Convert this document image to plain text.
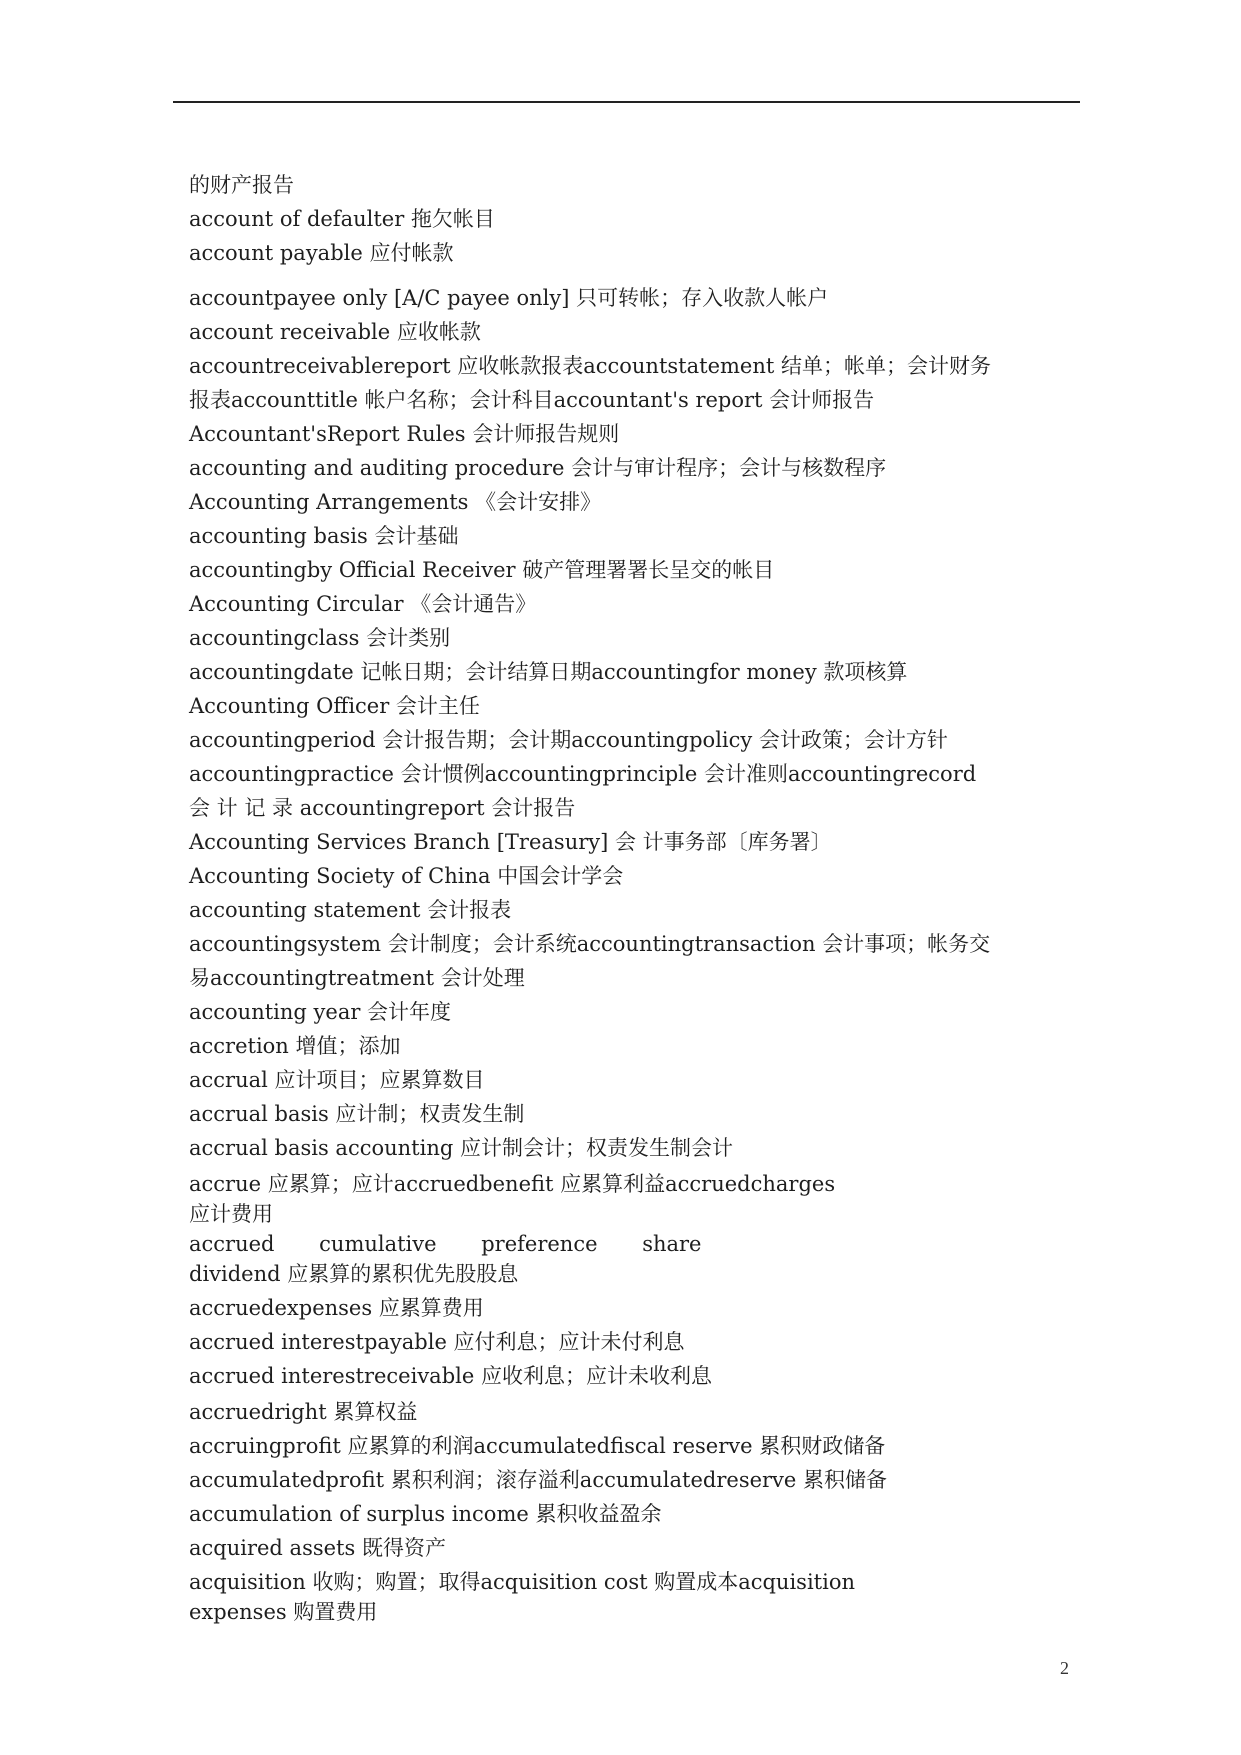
的财产报告
account of defaulter 拖欠帐目
account payable 应付帐款
accountpayee only [A/C payee only] 只可转帐；存入收款人帐户
account receivable 应收帐款
accountreceivablereport 应收帐款报表accountstatement 结单；帐单；会计财务
报表accounttitle 帐户名称；会计科目accountant's report 会计师报告
Accountant'sReport Rules 会计师报告规则
accounting and auditing procedure 会计与审计程序；会计与核数程序
Accounting Arrangements 《会计安排》
accounting basis 会计基础
accountingby Official Receiver 破产管理署署长呈交的帐目
Accounting Circular 《会计通告》
accountingclass 会计类别
accountingdate 记帐日期；会计结算日期accountingfor money 款项核算
Accounting Officer 会计主任
accountingperiod 会计报告期；会计期accountingpolicy 会计政策；会计方针
accountingpractice 会计惯例accountingprinciple 会计准则accountingrecord
会 计 记 录 accountingreport 会计报告
Accounting Services Branch [Treasury] 会 计事务部〔库务署〕
Accounting Society of China 中国会计学会
accounting statement 会计报表
accountingsystem 会计制度；会计系统accountingtransaction 会计事项；帐务交
易accountingtreatment 会计处理
accounting year 会计年度
accretion 增值；添加
accrual 应计项目；应累算数目
accrual basis 应计制；权责发生制
accrual basis accounting 应计制会计；权责发生制会计
accrue 应累算；应计accruedbenefit 应累算利益accruedcharges
应计费用
accrued cumulative preference share
dividend 应累算的累积优先股股息
accruedexpenses 应累算费用
accrued interestpayable 应付利息；应计未付利息
accrued interestreceivable 应收利息；应计未收利息
accruedright 累算权益
accruingprofit 应累算的利润accumulatedfiscal reserve 累积财政储备
accumulatedprofit 累积利润；滚存溢利accumulatedreserve 累积储备
accumulation of surplus income 累积收益盈余
acquired assets 既得资产
acquisition 收购；购置；取得acquisition cost 购置成本acquisition
expenses 购置费用
2
